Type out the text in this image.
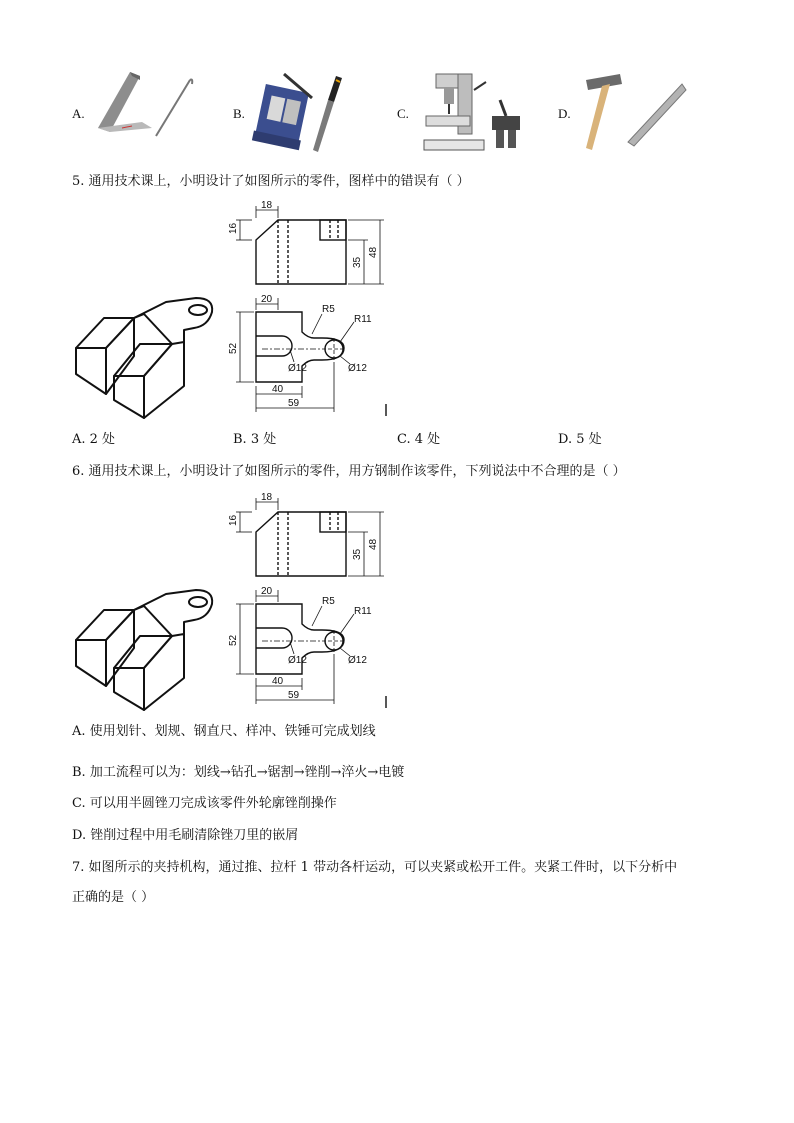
A.	B.	C.	D.
5. 通用技术课上，小明设计了如图所示的零件，图样中的错误有（ ）
18
16
35
48
20
R5
R11
52
Ø12	Ø12
40
59
A. 2 处	B. 3 处	C. 4 处	D. 5 处
6. 通用技术课上，小明设计了如图所示的零件，用方钢制作该零件，下列说法中不合理的是（ ）
18
16
35
48
20
R5
R11
52
Ø12	Ø12
40
59
A. 使用划针、划规、钢直尺、样冲、铁锤可完成划线
B. 加工流程可以为：划线→钻孔→锯割→锉削→淬火→电镀
C. 可以用半圆锉刀完成该零件外轮廓锉削操作
D. 锉削过程中用毛刷清除锉刀里的嵌屑
7. 如图所示的夹持机构，通过推、拉杆 1 带动各杆运动，可以夹紧或松开工件。夹紧工件时，以下分析中
正确的是（ ）
